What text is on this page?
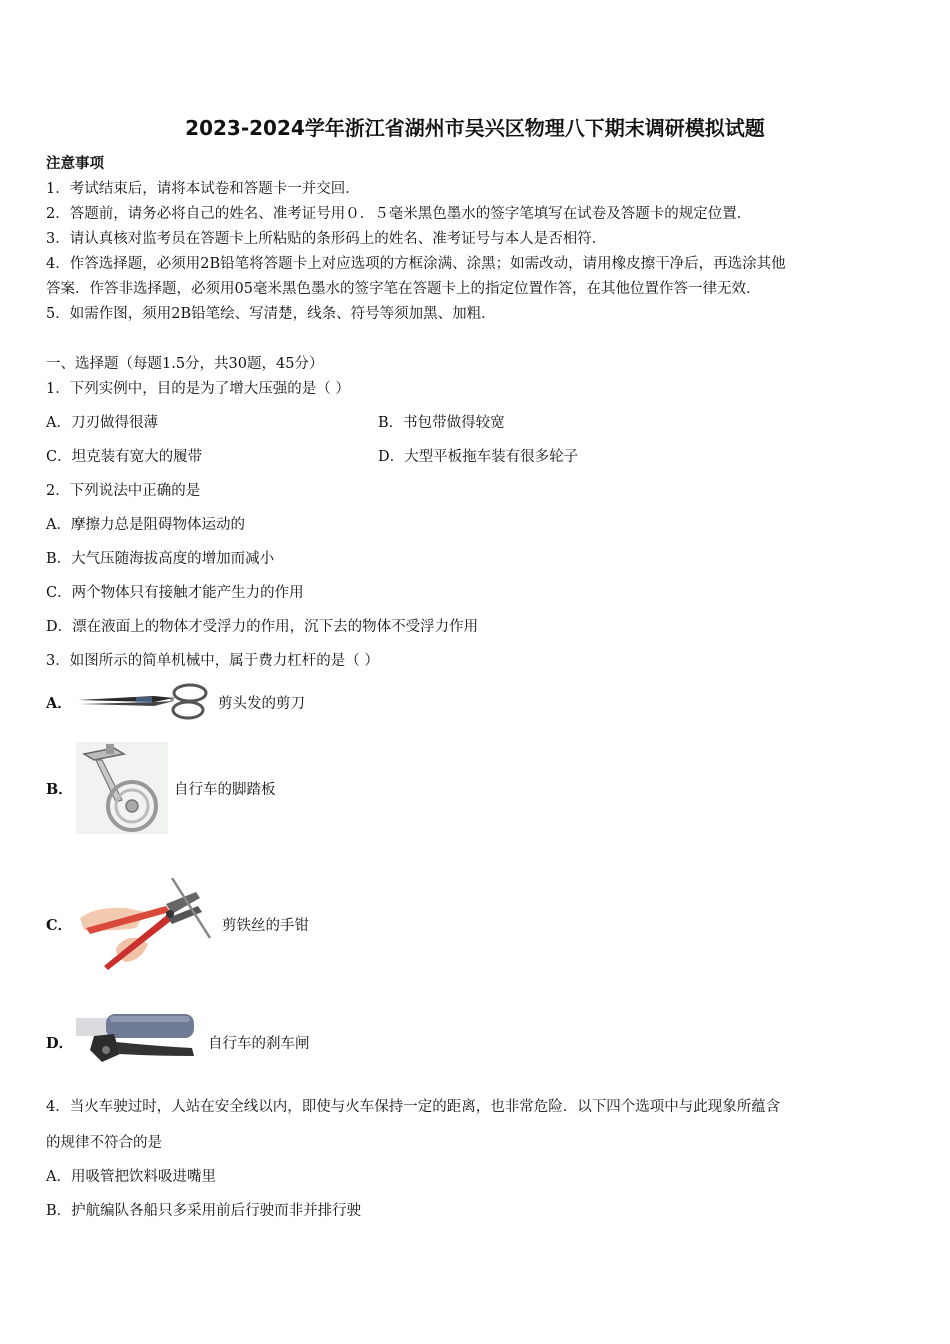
2023-2024学年浙江省湖州市吴兴区物理八下期末调研模拟试题
注意事项
1．考试结束后，请将本试卷和答题卡一并交回．
2．答题前，请务必将自己的姓名、准考证号用０．５毫米黑色墨水的签字笔填写在试卷及答题卡的规定位置．
3．请认真核对监考员在答题卡上所粘贴的条形码上的姓名、准考证号与本人是否相符．
4．作答选择题，必须用2B铅笔将答题卡上对应选项的方框涂满、涂黑；如需改动，请用橡皮擦干净后，再选涂其他
答案．作答非选择题，必须用05毫米黑色墨水的签字笔在答题卡上的指定位置作答，在其他位置作答一律无效．
5．如需作图，须用2B铅笔绘、写清楚，线条、符号等须加黑、加粗．
一、选择题（每题1.5分，共30题，45分）
1．下列实例中，目的是为了增大压强的是（ ）
A．刀刃做得很薄	B．书包带做得较宽
C．坦克装有宽大的履带	D．大型平板拖车装有很多轮子
2．下列说法中正确的是
A．摩擦力总是阻碍物体运动的
B．大气压随海拔高度的增加而减小
C．两个物体只有接触才能产生力的作用
D．漂在液面上的物体才受浮力的作用，沉下去的物体不受浮力作用
3．如图所示的简单机械中，属于费力杠杆的是（ ）
A．	剪头发的剪刀
B．	自行车的脚踏板
C．	剪铁丝的手钳
D．	自行车的刹车闸
4．当火车驶过时，人站在安全线以内，即使与火车保持一定的距离，也非常危险．以下四个选项中与此现象所蕴含
的规律不符合的是
A．用吸管把饮料吸进嘴里
B．护航编队各船只多采用前后行驶而非并排行驶
